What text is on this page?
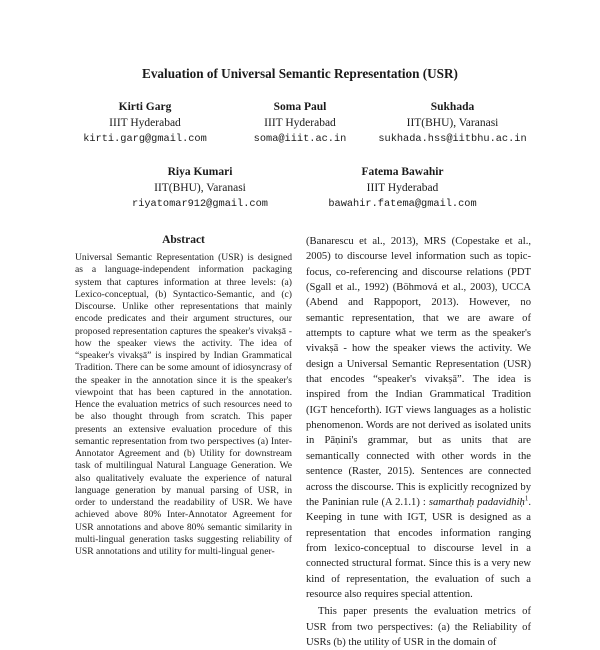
Evaluation of Universal Semantic Representation (USR)
Kirti Garg
IIIT Hyderabad
kirti.garg@gmail.com
Soma Paul
IIIT Hyderabad
soma@iiit.ac.in
Sukhada
IIT(BHU), Varanasi
sukhada.hss@iitbhu.ac.in
Riya Kumari
IIT(BHU), Varanasi
riyatomar912@gmail.com
Fatema Bawahir
IIIT Hyderabad
bawahir.fatema@gmail.com
Abstract

Universal Semantic Representation (USR) is designed as a language-independent information packaging system that captures information at three levels: (a) Lexico-conceptual, (b) Syntactico-Semantic, and (c) Discourse. Unlike other representations that mainly encode predicates and their argument structures, our proposed representation captures the speaker's vivakṣā - how the speaker views the activity. The idea of “speaker's vivakṣā” is inspired by Indian Grammatical Tradition. There can be some amount of idiosyncrasy of the speaker in the annotation since it is the speaker's viewpoint that has been captured in the annotation. Hence the evaluation metrics of such resources need to be also thought through from scratch. This paper presents an extensive evaluation procedure of this semantic representation from two perspectives (a) Inter-Annotator Agreement and (b) Utility for downstream task of multilingual Natural Language Generation. We also qualitatively evaluate the experience of natural language generation by manual parsing of USR, in order to understand the readability of USR. We have achieved above 80% Inter-Annotator Agreement for USR annotations and above 80% semantic similarity in multi-lingual generation tasks suggesting reliability of USR annotations and utility for multi-lingual gener-

(Banarescu et al., 2013), MRS (Copestake et al., 2005) to discourse level information such as topic-focus, co-referencing and discourse relations (PDT (Sgall et al., 1992) (Böhmová et al., 2003), UCCA (Abend and Rappoport, 2013). However, no semantic representation, that we are aware of attempts to capture what we term as the speaker's vivakṣā - how the speaker views the activity. We design a Universal Semantic Representation (USR) that encodes “speaker's vivakṣā”. The idea is inspired from the Indian Grammatical Tradition (IGT henceforth). IGT views languages as a holistic phenomenon. Words are not derived as isolated units in Pāṇini's grammar, but as units that are semantically connected with other words in the sentence (Raster, 2015). Sentences are connected across the discourse. This is explicitly recognized by the Paninian rule (A 2.1.1) : samarthaḥ padavidhiḥ$^1$. Keeping in tune with IGT, USR is designed as a representation that encodes information ranging from lexico-conceptual to discourse level in a connected structural format. Since this is a very new kind of representation, the evaluation of such a resource also requires special attention.

This paper presents the evaluation metrics of USR from two perspectives: (a) the Reliability of USRs (b) the utility of USR in the domain of
